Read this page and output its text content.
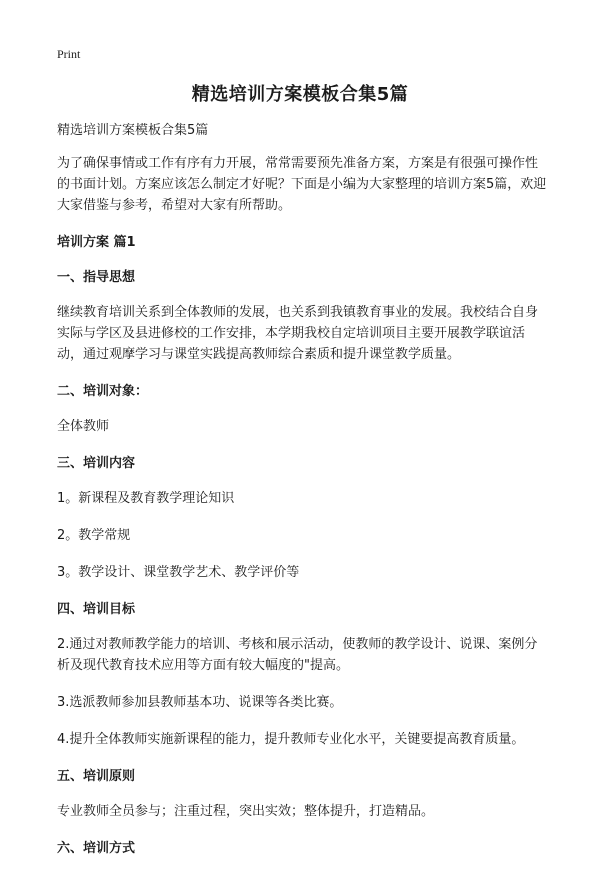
Print
精选培训方案模板合集5篇

精选培训方案模板合集5篇

为了确保事情或工作有序有力开展，常常需要预先准备方案，方案是有很强可操作性的书面计划。方案应该怎么制定才好呢？下面是小编为大家整理的培训方案5篇，欢迎大家借鉴与参考，希望对大家有所帮助。

培训方案 篇1
一、指导思想

继续教育培训关系到全体教师的发展，也关系到我镇教育事业的发展。我校结合自身实际与学区及县进修校的工作安排，本学期我校自定培训项目主要开展教学联谊活动，通过观摩学习与课堂实践提高教师综合素质和提升课堂教学质量。

二、培训对象：

全体教师

三、培训内容

1。新课程及教育教学理论知识

2。教学常规

3。教学设计、课堂教学艺术、教学评价等

四、培训目标

2.通过对教师教学能力的培训、考核和展示活动，使教师的教学设计、说课、案例分析及现代教育技术应用等方面有较大幅度的"提高。

3.选派教师参加县教师基本功、说课等各类比赛。

4.提升全体教师实施新课程的能力，提升教师专业化水平，关键要提高教育质量。

五、培训原则

专业教师全员参与；注重过程，突出实效；整体提升，打造精品。

六、培训方式
